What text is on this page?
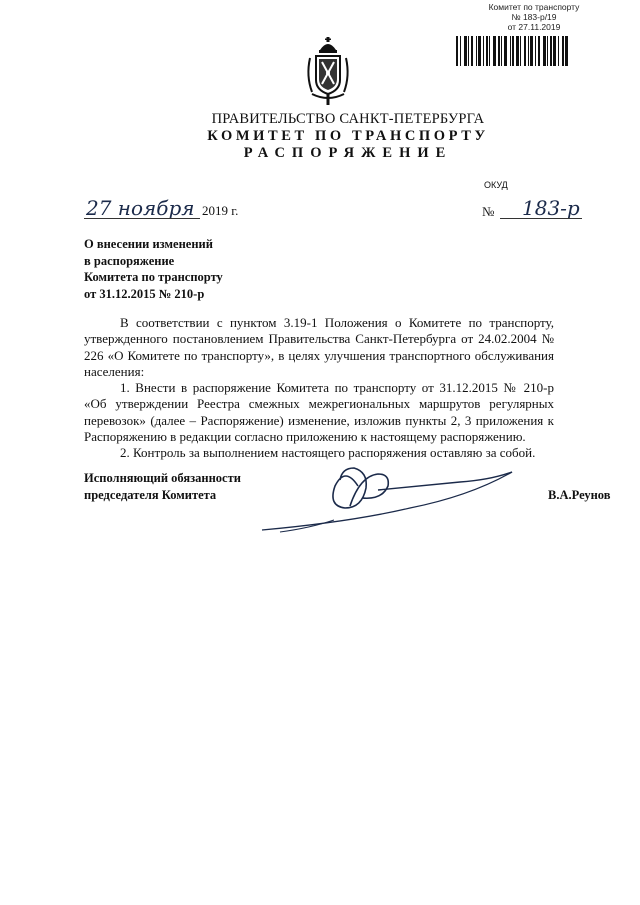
Комитет по транспорту
№ 183-р/19
от 27.11.2019
ПРАВИТЕЛЬСТВО САНКТ-ПЕТЕРБУРГА
КОМИТЕТ ПО ТРАНСПОРТУ
РАСПОРЯЖЕНИЕ
ОКУД
27 ноября 2019 г.	№ 183-р
О внесении изменений
в распоряжение
Комитета по транспорту
от 31.12.2015 № 210-р

В соответствии с пунктом 3.19-1 Положения о Комитете по транспорту, утвержденного постановлением Правительства Санкт-Петербурга от 24.02.2004 № 226 «О Комитете по транспорту», в целях улучшения транспортного обслуживания населения:

1. Внести в распоряжение Комитета по транспорту от 31.12.2015 № 210-р «Об утверждении Реестра смежных межрегиональных маршрутов регулярных перевозок» (далее – Распоряжение) изменение, изложив пункты 2, 3 приложения к Распоряжению в редакции согласно приложению к настоящему распоряжению.

2. Контроль за выполнением настоящего распоряжения оставляю за собой.

Исполняющий обязанности
председателя Комитета	В.А.Реунов
